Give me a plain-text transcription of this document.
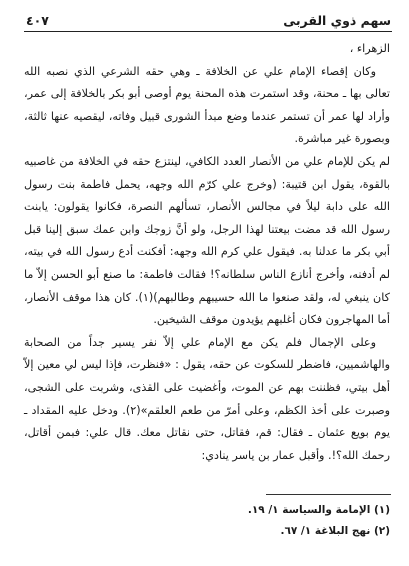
٤٠٧	سهم ذوي القربى

الزهراء ،

وكان إقصاء الإمام علي عن الخلافة ـ وهي حقه الشرعي الذي نصبه الله تعالى بها ـ محنة، وقد استمرت هذه المحنة يوم أوصى أبو بكر بالخلافة إلى عمر، وأراد لها عمر أن تستمر عندما وضع مبدأ الشورى قبيل وفاته، ليقصيه عنها ثالثة، وبصورة غير مباشرة.

لم يكن للإمام علي من الأنصار العدد الكافي، لينتزع حقه في الخلافة من غاصبيه بالقوة، يقول ابن قتيبة: (وخرج علي كرّم الله وجهه، يحمل فاطمة بنت رسول الله على دابة ليلاً في مجالس الأنصار، تسألهم النصرة، فكانوا يقولون: يابنت رسول الله قد مضت بيعتنا لهذا الرجل، ولو أنَّ زوجك وابن عمك سبق إلينا قبل أبي بكر ما عدلنا به. فيقول علي كرم الله وجهه: أفكنت أدع رسول الله في بيته، لم أدفنه، وأخرج أنازع الناس سلطانه؟! فقالت فاطمة: ما صنع أبو الحسن إلاّ ما كان ينبغي له، ولقد صنعوا ما الله حسيبهم وطالبهم)(١). كان هذا موقف الأنصار، أما المهاجرون فكان أغلبهم يؤيدون موقف الشيخين.

وعلى الإجمال فلم يكن مع الإمام علي إلاّ نفر يسير جداً من الصحابة والهاشميين، فاضطر للسكوت عن حقه، يقول : «فنظرت، فإذا ليس لي معين إلاّ أهل بيتي، فظننت بهم عن الموت، وأغضيت على القذى، وشربت على الشجى، وصبرت على أخذ الكظم، وعلى أمرّ من طعم العلقم»(٢). ودخل عليه المقداد ـ يوم بويع عثمان ـ فقال: قم، فقاتل، حتى نقاتل معك. قال علي: فبمن أقاتل، رحمك الله؟!. وأقبل عمار بن ياسر ينادي:

(١) الإمامة والسياسة ١/ ١٩.

(٢) نهج البلاغة ١/ ٦٧.
